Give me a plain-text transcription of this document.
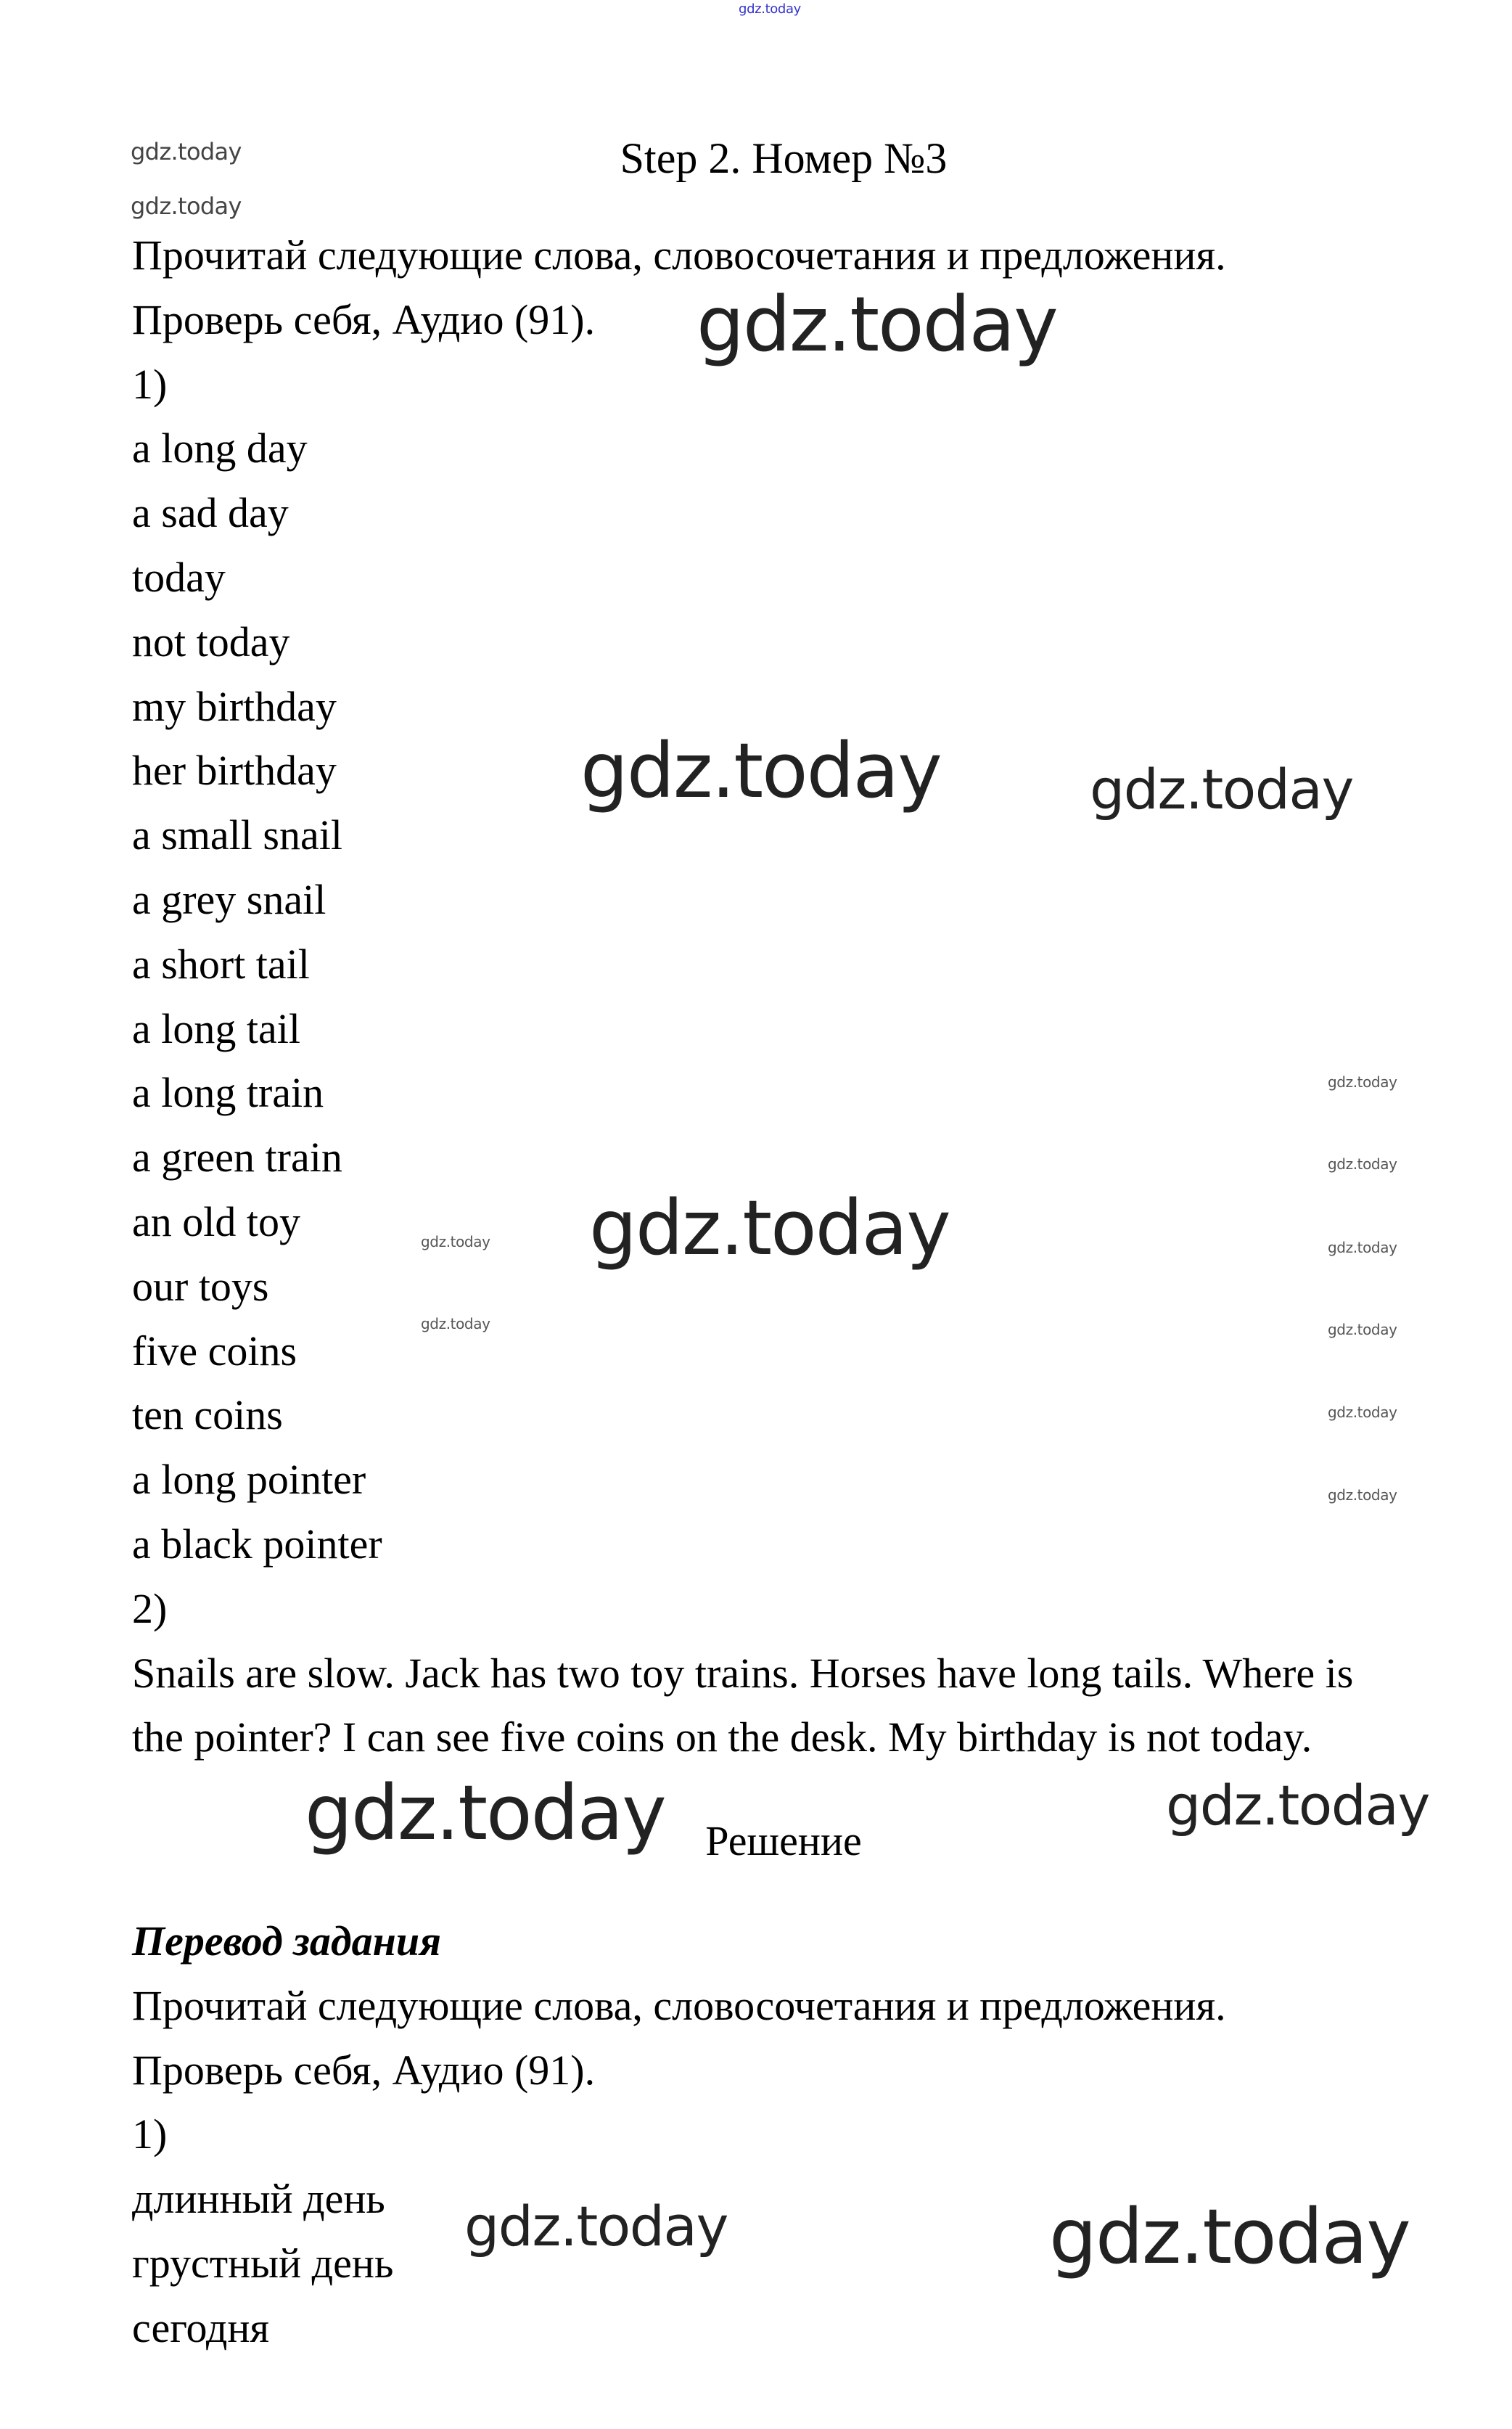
gdz.today
gdz.today	Step 2. Номер №3
Прочитай следующие слова, словосочетания и предложения.
Проверь себя, Аудио (91).
1)
a long day
a sad day
today
not today
my birthday
her birthday
a small snail
a grey snail
a short tail
a long tail
a long train
a green train
an old toy
our toys
five coins
ten coins
a long pointer
a black pointer
2)
Snails are slow. Jack has two toy trains. Horses have long tails. Where is
the pointer? I can see five coins on the desk. My birthday is not today.
Решение
Перевод задания
Прочитай следующие слова, словосочетания и предложения.
Проверь себя, Аудио (91).
1)
длинный день
грустный день
сегодня
gdz.today
gdz.today
gdz.today	gdz.today
gdz.today
gdz.today
gdz.today
gdz.today
gdz.today
gdz.today
gdz.today
gdz.today
gdz.today
gdz.today	gdz.today
gdz.today	gdz.today
